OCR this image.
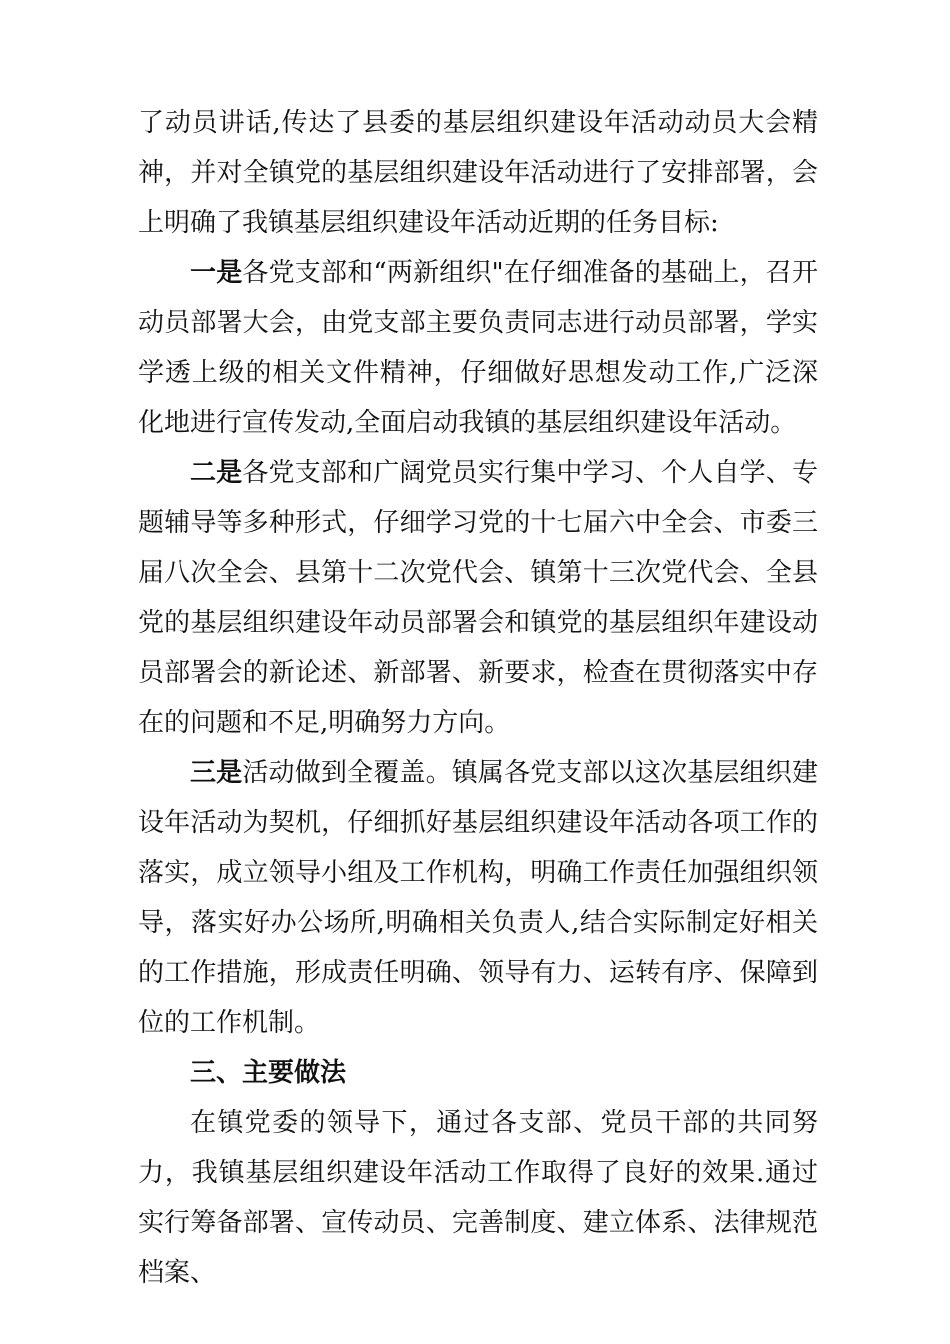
了动员讲话,传达了县委的基层组织建设年活动动员大会精神，并对全镇党的基层组织建设年活动进行了安排部署，会上明确了我镇基层组织建设年活动近期的任务目标:

一是各党支部和“两新组织"在仔细准备的基础上，召开动员部署大会，由党支部主要负责同志进行动员部署，学实学透上级的相关文件精神，仔细做好思想发动工作,广泛深化地进行宣传发动,全面启动我镇的基层组织建设年活动。

二是各党支部和广阔党员实行集中学习、个人自学、专题辅导等多种形式，仔细学习党的十七届六中全会、市委三届八次全会、县第十二次党代会、镇第十三次党代会、全县党的基层组织建设年动员部署会和镇党的基层组织年建设动员部署会的新论述、新部署、新要求，检查在贯彻落实中存在的问题和不足,明确努力方向。

三是活动做到全覆盖。镇属各党支部以这次基层组织建设年活动为契机，仔细抓好基层组织建设年活动各项工作的落实，成立领导小组及工作机构，明确工作责任加强组织领导，落实好办公场所,明确相关负责人,结合实际制定好相关的工作措施，形成责任明确、领导有力、运转有序、保障到位的工作机制。

三、主要做法

在镇党委的领导下，通过各支部、党员干部的共同努力，我镇基层组织建设年活动工作取得了良好的效果.通过实行筹备部署、宣传动员、完善制度、建立体系、法律规范档案、
